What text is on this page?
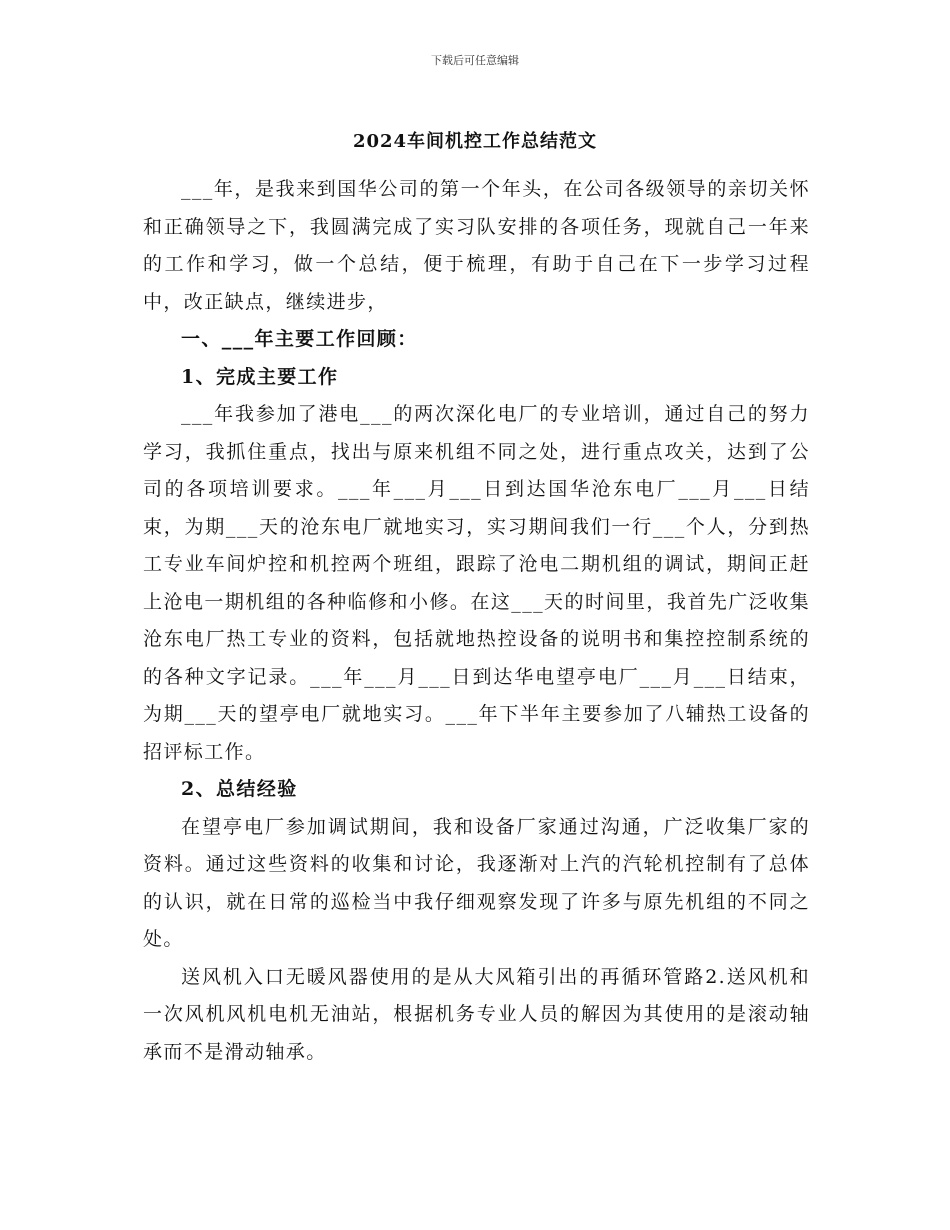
下载后可任意编辑
2024车间机控工作总结范文

___年，是我来到国华公司的第一个年头，在公司各级领导的亲切关怀和正确领导之下，我圆满完成了实习队安排的各项任务，现就自己一年来的工作和学习，做一个总结，便于梳理，有助于自己在下一步学习过程中，改正缺点，继续进步，

一、___年主要工作回顾：

1、完成主要工作

___年我参加了港电___的两次深化电厂的专业培训，通过自己的努力学习，我抓住重点，找出与原来机组不同之处，进行重点攻关，达到了公司的各项培训要求。___年___月___日到达国华沧东电厂___月___日结束，为期___天的沧东电厂就地实习，实习期间我们一行___个人，分到热工专业车间炉控和机控两个班组，跟踪了沧电二期机组的调试，期间正赶上沧电一期机组的各种临修和小修。在这___天的时间里，我首先广泛收集沧东电厂热工专业的资料，包括就地热控设备的说明书和集控控制系统的的各种文字记录。___年___月___日到达华电望亭电厂___月___日结束，为期___天的望亭电厂就地实习。___年下半年主要参加了八辅热工设备的招评标工作。

2、总结经验

在望亭电厂参加调试期间，我和设备厂家通过沟通，广泛收集厂家的资料。通过这些资料的收集和讨论，我逐渐对上汽的汽轮机控制有了总体的认识，就在日常的巡检当中我仔细观察发现了许多与原先机组的不同之处。

送风机入口无暖风器使用的是从大风箱引出的再循环管路2.送风机和一次风机风机电机无油站，根据机务专业人员的解因为其使用的是滚动轴承而不是滑动轴承。
